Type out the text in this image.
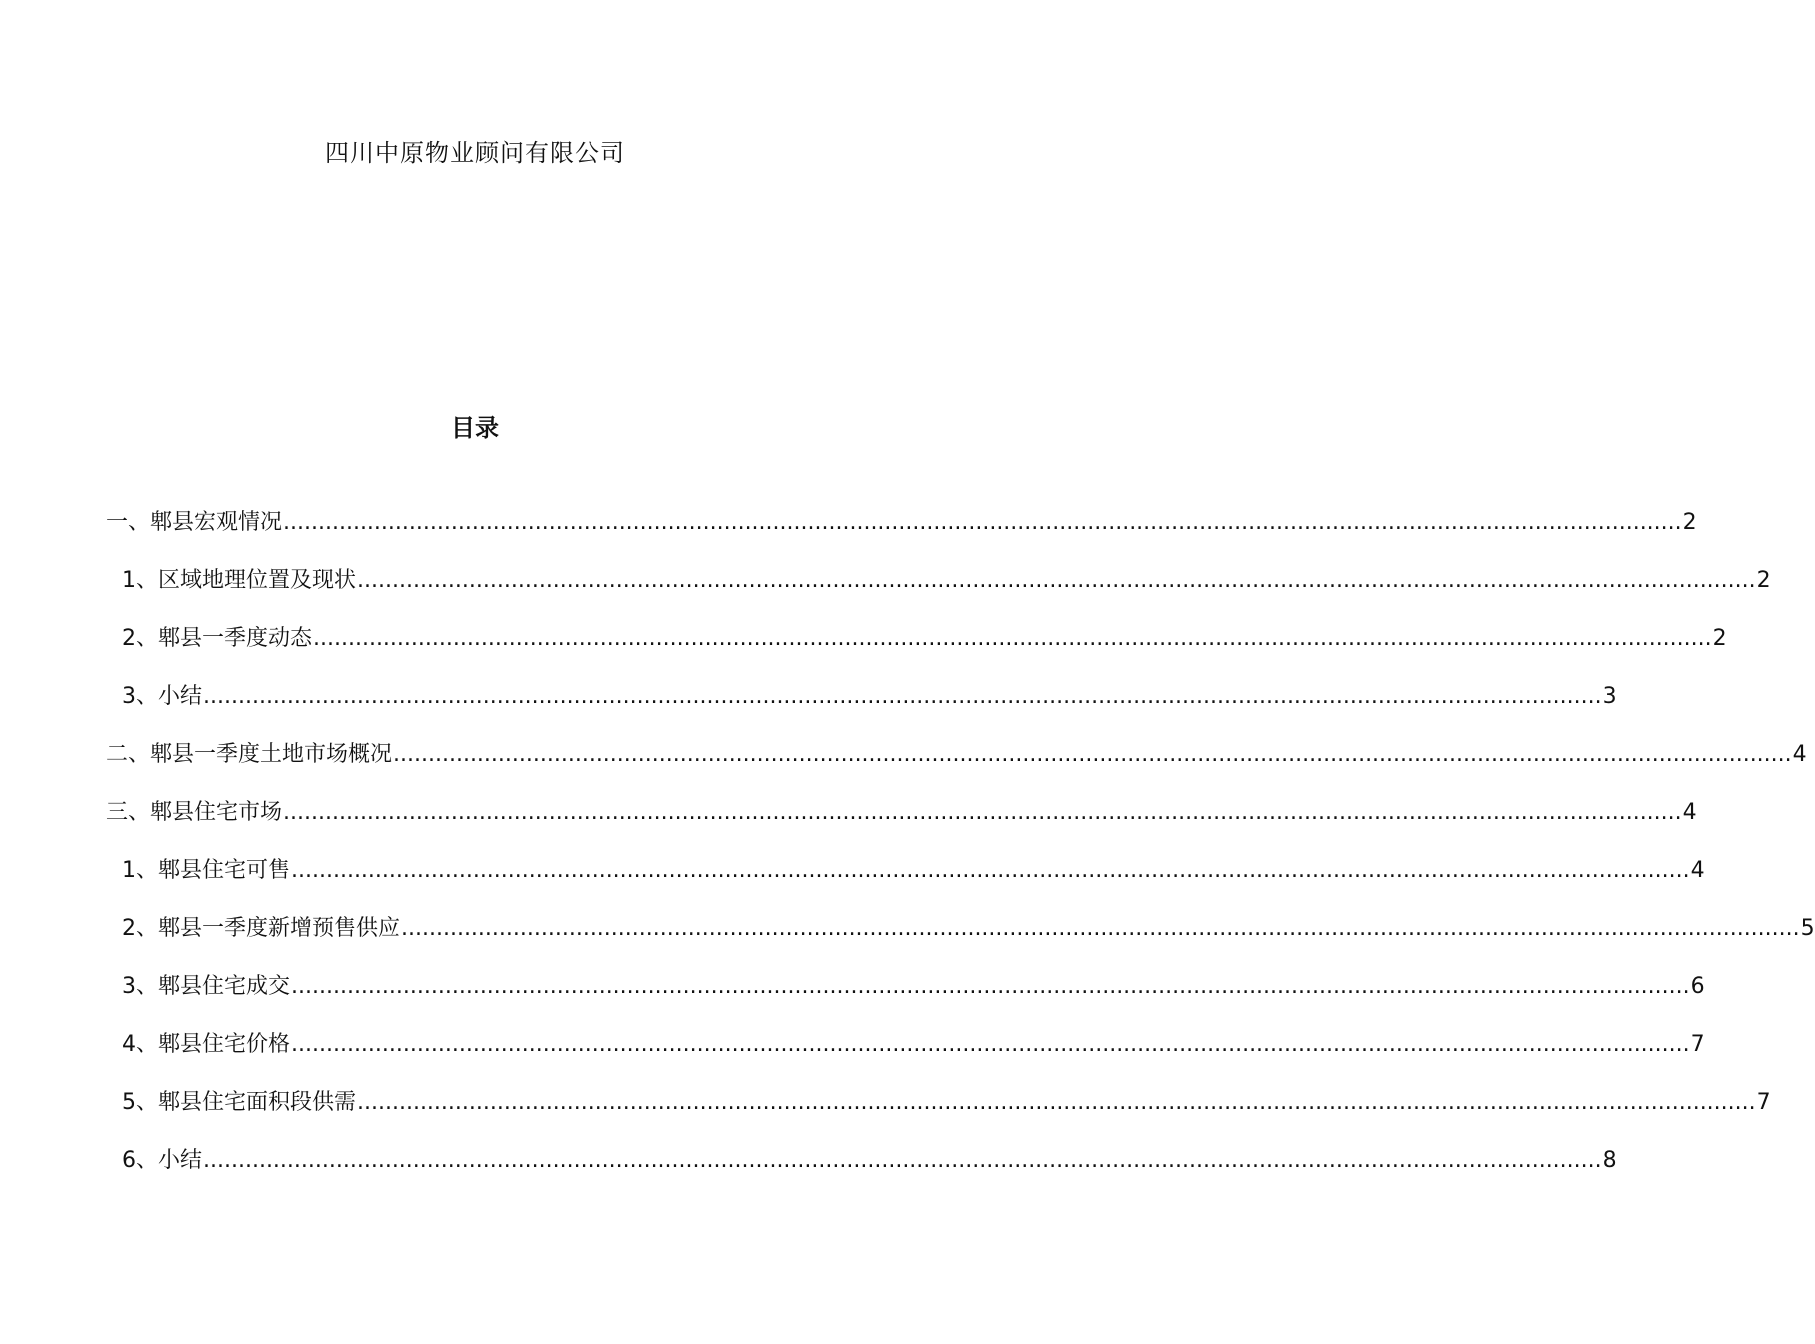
四川中原物业顾问有限公司
目录
一、郫县宏观情况 ........................................................................................................................................................................................................ 2
1、区域地理位置及现状 ........................................................................................................................................................................................................ 2
2、郫县一季度动态 ........................................................................................................................................................................................................ 2
3、小结 ........................................................................................................................................................................................................ 3
二、郫县一季度土地市场概况 ........................................................................................................................................................................................................ 4
三、郫县住宅市场 ........................................................................................................................................................................................................ 4
1、郫县住宅可售 ........................................................................................................................................................................................................ 4
2、郫县一季度新增预售供应 ........................................................................................................................................................................................................ 5
3、郫县住宅成交 ........................................................................................................................................................................................................ 6
4、郫县住宅价格 ........................................................................................................................................................................................................ 7
5、郫县住宅面积段供需 ........................................................................................................................................................................................................ 7
6、小结 ........................................................................................................................................................................................................ 8
